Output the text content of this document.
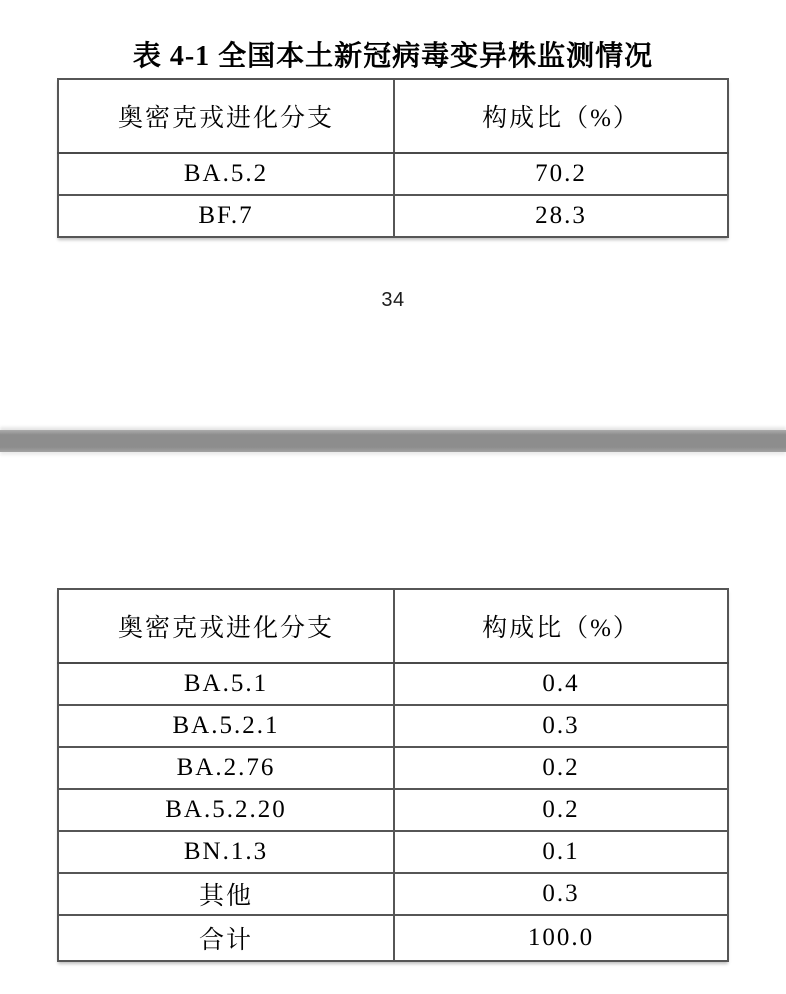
表 4-1 全国本土新冠病毒变异株监测情况
奥密克戎进化分支	构成比（%）
BA.5.2	70.2
BF.7	28.3
34
奥密克戎进化分支	构成比（%）
BA.5.1	0.4
BA.5.2.1	0.3
BA.2.76	0.2
BA.5.2.20	0.2
BN.1.3	0.1
其他	0.3
合计	100.0
